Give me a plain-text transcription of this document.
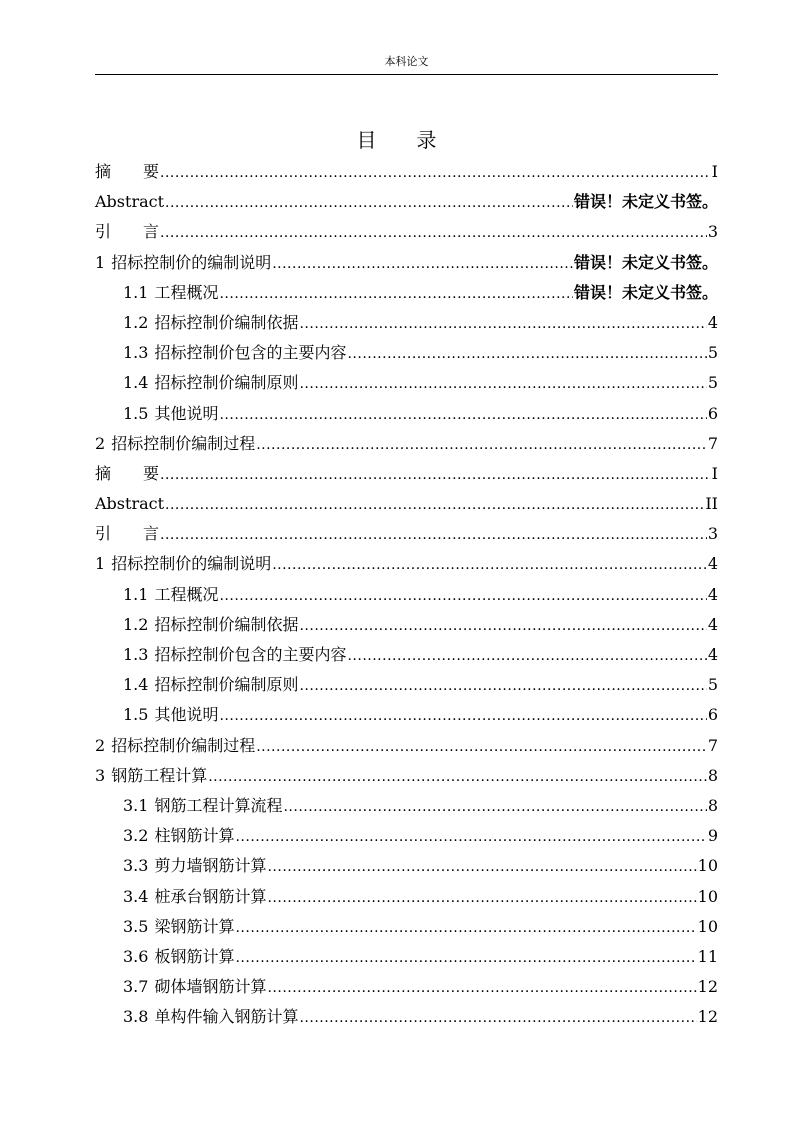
本科论文
目 录
摘　　要 .....	I
Abstract .....	错误！未定义书签。
引　　言 .....	3
1 招标控制价的编制说明 .....	错误！未定义书签。
1.1 工程概况 .....	错误！未定义书签。
1.2 招标控制价编制依据 .....	4
1.3 招标控制价包含的主要内容 .....	5
1.4 招标控制价编制原则 .....	5
1.5 其他说明 .....	6
2 招标控制价编制过程 .....	7
摘　　要 .....	I
Abstract .....	II
引　　言 .....	3
1 招标控制价的编制说明 .....	4
1.1 工程概况 .....	4
1.2 招标控制价编制依据 .....	4
1.3 招标控制价包含的主要内容 .....	4
1.4 招标控制价编制原则 .....	5
1.5 其他说明 .....	6
2 招标控制价编制过程 .....	7
3 钢筋工程计算 .....	8
3.1 钢筋工程计算流程 .....	8
3.2 柱钢筋计算 .....	9
3.3 剪力墙钢筋计算 .....	10
3.4 桩承台钢筋计算 .....	10
3.5 梁钢筋计算 .....	10
3.6 板钢筋计算 .....	11
3.7 砌体墙钢筋计算 .....	12
3.8 单构件输入钢筋计算 .....	12
